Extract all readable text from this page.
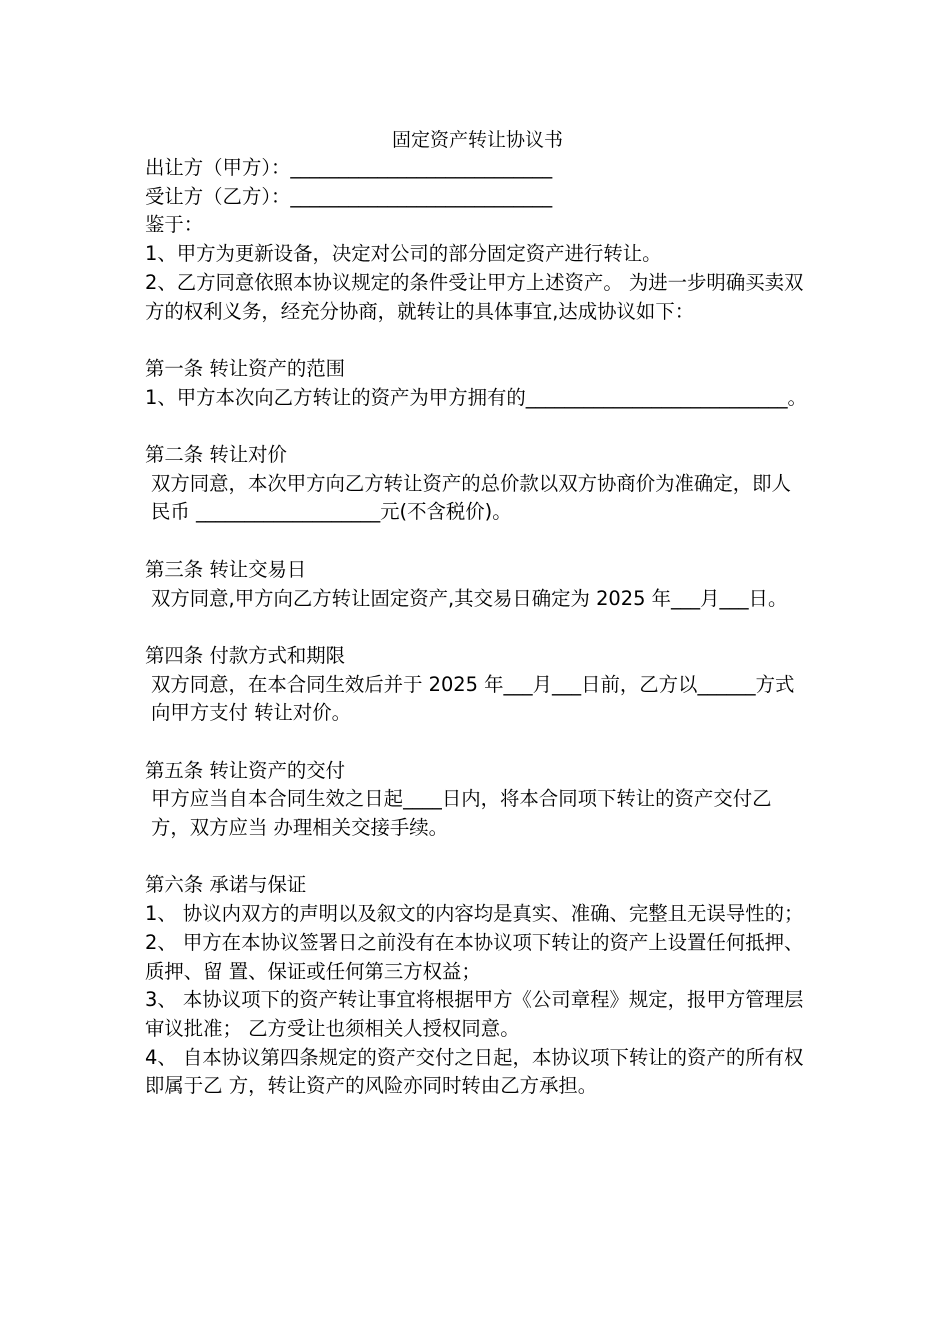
固定资产转让协议书

出让方（甲方）：___________________________

受让方（乙方）：___________________________

鉴于：

1、甲方为更新设备，决定对公司的部分固定资产进行转让。

2、乙方同意依照本协议规定的条件受让甲方上述资产。 为进一步明确买卖双方的权利义务，经充分协商，就转让的具体事宜,达成协议如下：

第一条 转让资产的范围

1、甲方本次向乙方转让的资产为甲方拥有的___________________________。

第二条 转让对价

双方同意，本次甲方向乙方转让资产的总价款以双方协商价为准确定，即人民币 ___________________元(不含税价)。

第三条 转让交易日

双方同意,甲方向乙方转让固定资产,其交易日确定为 2025 年___月___日。

第四条 付款方式和期限

双方同意，在本合同生效后并于 2025 年___月___日前，乙方以______方式向甲方支付 转让对价。

第五条 转让资产的交付

甲方应当自本合同生效之日起____日内，将本合同项下转让的资产交付乙方，双方应当 办理相关交接手续。

第六条 承诺与保证

1、 协议内双方的声明以及叙文的内容均是真实、准确、完整且无误导性的；

2、 甲方在本协议签署日之前没有在本协议项下转让的资产上设置任何抵押、质押、留 置、保证或任何第三方权益；

3、 本协议项下的资产转让事宜将根据甲方《公司章程》规定，报甲方管理层审议批准； 乙方受让也须相关人授权同意。

4、 自本协议第四条规定的资产交付之日起，本协议项下转让的资产的所有权即属于乙 方，转让资产的风险亦同时转由乙方承担。
